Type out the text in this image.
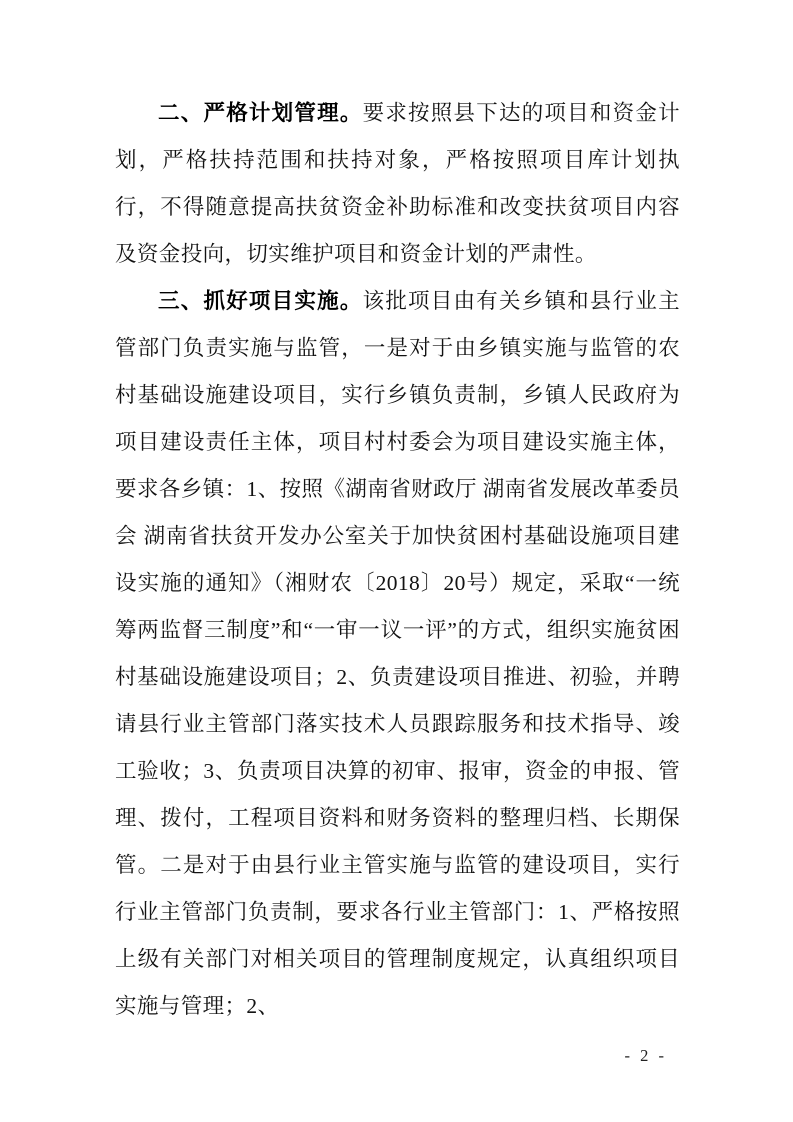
二、严格计划管理。要求按照县下达的项目和资金计划，严格扶持范围和扶持对象，严格按照项目库计划执行，不得随意提高扶贫资金补助标准和改变扶贫项目内容及资金投向，切实维护项目和资金计划的严肃性。

三、抓好项目实施。该批项目由有关乡镇和县行业主管部门负责实施与监管，一是对于由乡镇实施与监管的农村基础设施建设项目，实行乡镇负责制，乡镇人民政府为项目建设责任主体，项目村村委会为项目建设实施主体，要求各乡镇：1、按照《湖南省财政厅 湖南省发展改革委员会 湖南省扶贫开发办公室关于加快贫困村基础设施项目建设实施的通知》（湘财农〔2018〕20号）规定，采取“一统筹两监督三制度”和“一审一议一评”的方式，组织实施贫困村基础设施建设项目；2、负责建设项目推进、初验，并聘请县行业主管部门落实技术人员跟踪服务和技术指导、竣工验收；3、负责项目决算的初审、报审，资金的申报、管理、拨付，工程项目资料和财务资料的整理归档、长期保管。二是对于由县行业主管实施与监管的建设项目，实行行业主管部门负责制，要求各行业主管部门：1、严格按照上级有关部门对相关项目的管理制度规定，认真组织项目实施与管理；2、

- 2 -
